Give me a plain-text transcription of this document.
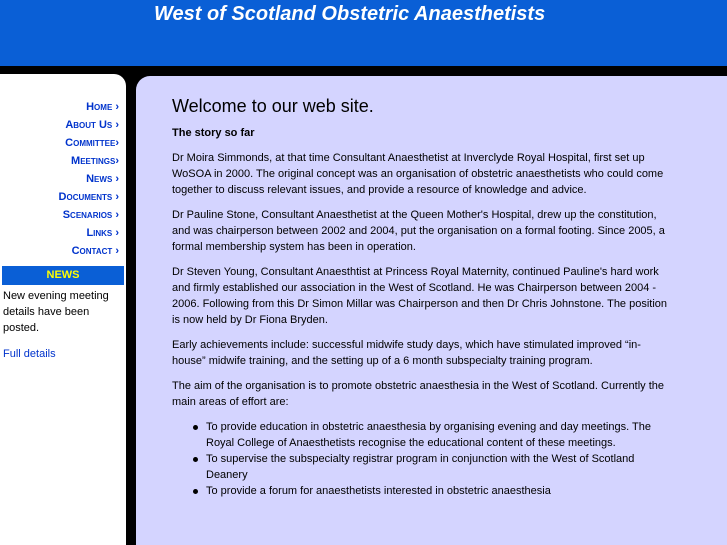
West of Scotland Obstetric Anaesthetists
Home ›
About Us ›
Committee›
Meetings›
News ›
Documents ›
Scenarios ›
Links ›
Contact ›
NEWS
New evening meeting details have been posted.
Full details
Welcome to our web site.
The story so far

Dr Moira Simmonds, at that time Consultant Anaesthetist at Inverclyde Royal Hospital, first set up WoSOA in 2000. The original concept was an organisation of obstetric anaesthetists who could come together to discuss relevant issues, and provide a resource of knowledge and advice.

Dr Pauline Stone, Consultant Anaesthetist at the Queen Mother's Hospital, drew up the constitution, and was chairperson between 2002 and 2004, put the organisation on a formal footing. Since 2005, a formal membership system has been in operation.

Dr Steven Young, Consultant Anaesthtist at Princess Royal Maternity, continued Pauline's hard work and firmly established our association in the West of Scotland. He was Chairperson between 2004 - 2006. Following from this Dr Simon Millar was Chairperson and then Dr Chris Johnstone. The position is now held by Dr Fiona Bryden.

Early achievements include: successful midwife study days, which have stimulated improved “in-house” midwife training, and the setting up of a 6 month subspecialty training program.

The aim of the organisation is to promote obstetric anaesthesia in the West of Scotland. Currently the main areas of effort are:

To provide education in obstetric anaesthesia by organising evening and day meetings. The Royal College of Anaesthetists recognise the educational content of these meetings.
To supervise the subspecialty registrar program in conjunction with the West of Scotland Deanery
To provide a forum for anaesthetists interested in obstetric anaesthesia
